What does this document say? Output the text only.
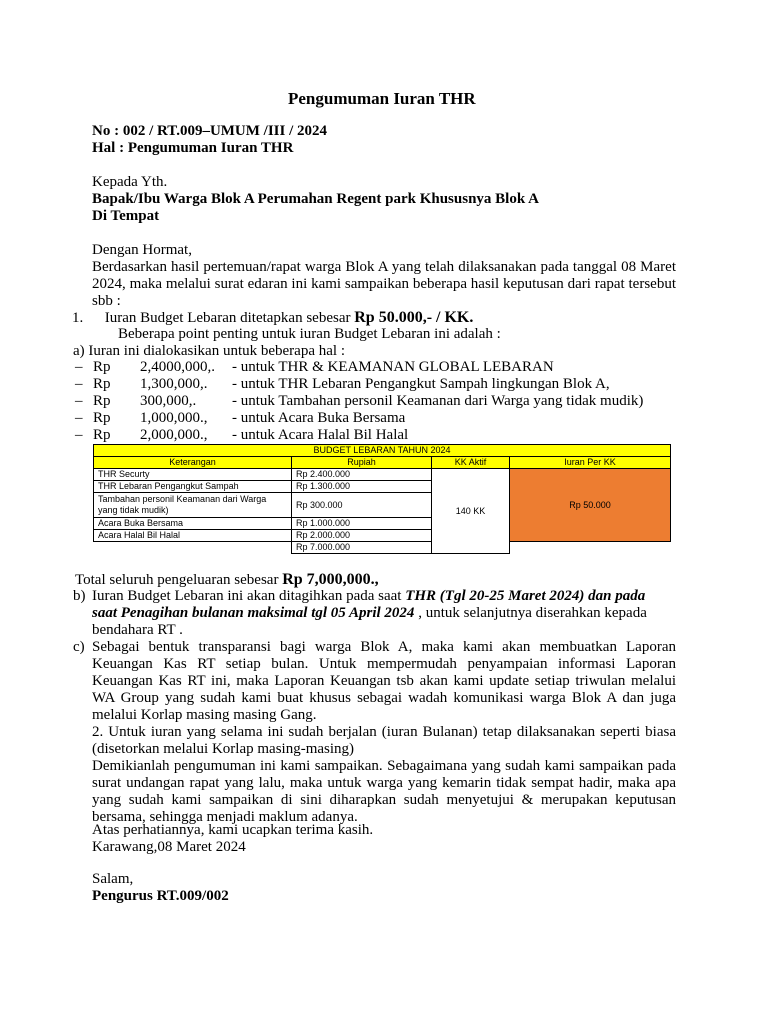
Pengumuman Iuran THR
No : 002 / RT.009–UMUM /III / 2024
Hal : Pengumuman Iuran THR
Kepada Yth.
Bapak/Ibu Warga Blok A Perumahan Regent park Khususnya Blok A
Di Tempat
Dengan Hormat,
Berdasarkan hasil pertemuan/rapat warga Blok A yang telah dilaksanakan pada tanggal 08 Maret 2024, maka melalui surat edaran ini kami sampaikan beberapa hasil keputusan dari rapat tersebut sbb :
1. Iuran Budget Lebaran ditetapkan sebesar Rp 50.000,- / KK.
Beberapa point penting untuk iuran Budget Lebaran ini adalah :
a) Iuran ini dialokasikan untuk beberapa hal :
– Rp 2,4000,000,. - untuk THR & KEAMANAN GLOBAL LEBARAN
– Rp 1,300,000,. - untuk THR Lebaran Pengangkut Sampah lingkungan Blok A,
– Rp 300,000,. - untuk Tambahan personil Keamanan dari Warga yang tidak mudik)
– Rp 1,000,000., - untuk Acara Buka Bersama
– Rp 2,000,000., - untuk Acara Halal Bil Halal
BUDGET LEBARAN TAHUN 2024			
Keterangan	Rupiah	KK Aktif	Iuran Per KK
THR Securty	Rp 2.400.000	140 KK	Rp 50.000
THR Lebaran Pengangkut Sampah	Rp 1.300.000		
Tambahan personil Keamanan dari Warga yang tidak mudik)	Rp 300.000		
Acara Buka Bersama	Rp 1.000.000		
Acara Halal Bil Halal	Rp 2.000.000		
	Rp 7.000.000		
Total seluruh pengeluaran sebesar Rp 7,000,000.,
b) Iuran Budget Lebaran ini akan ditagihkan pada saat THR (Tgl 20-25 Maret 2024) dan pada
saat Penagihan bulanan maksimal tgl 05 April 2024 , untuk selanjutnya diserahkan kepada
bendahara RT .
c) Sebagai bentuk transparansi bagi warga Blok A, maka kami akan membuatkan Laporan Keuangan Kas RT setiap bulan. Untuk mempermudah penyampaian informasi Laporan Keuangan Kas RT ini, maka Laporan Keuangan tsb akan kami update setiap triwulan melalui WA Group yang sudah kami buat khusus sebagai wadah komunikasi warga Blok A dan juga melalui Korlap masing masing Gang.
2. Untuk iuran yang selama ini sudah berjalan (iuran Bulanan) tetap dilaksanakan seperti biasa (disetorkan melalui Korlap masing-masing)
Demikianlah pengumuman ini kami sampaikan. Sebagaimana yang sudah kami sampaikan pada surat undangan rapat yang lalu, maka untuk warga yang kemarin tidak sempat hadir, maka apa yang sudah kami sampaikan di sini diharapkan sudah menyetujui & merupakan keputusan bersama, sehingga menjadi maklum adanya.
Atas perhatiannya, kami ucapkan terima kasih.
Karawang,08 Maret 2024
Salam,
Pengurus RT.009/002
